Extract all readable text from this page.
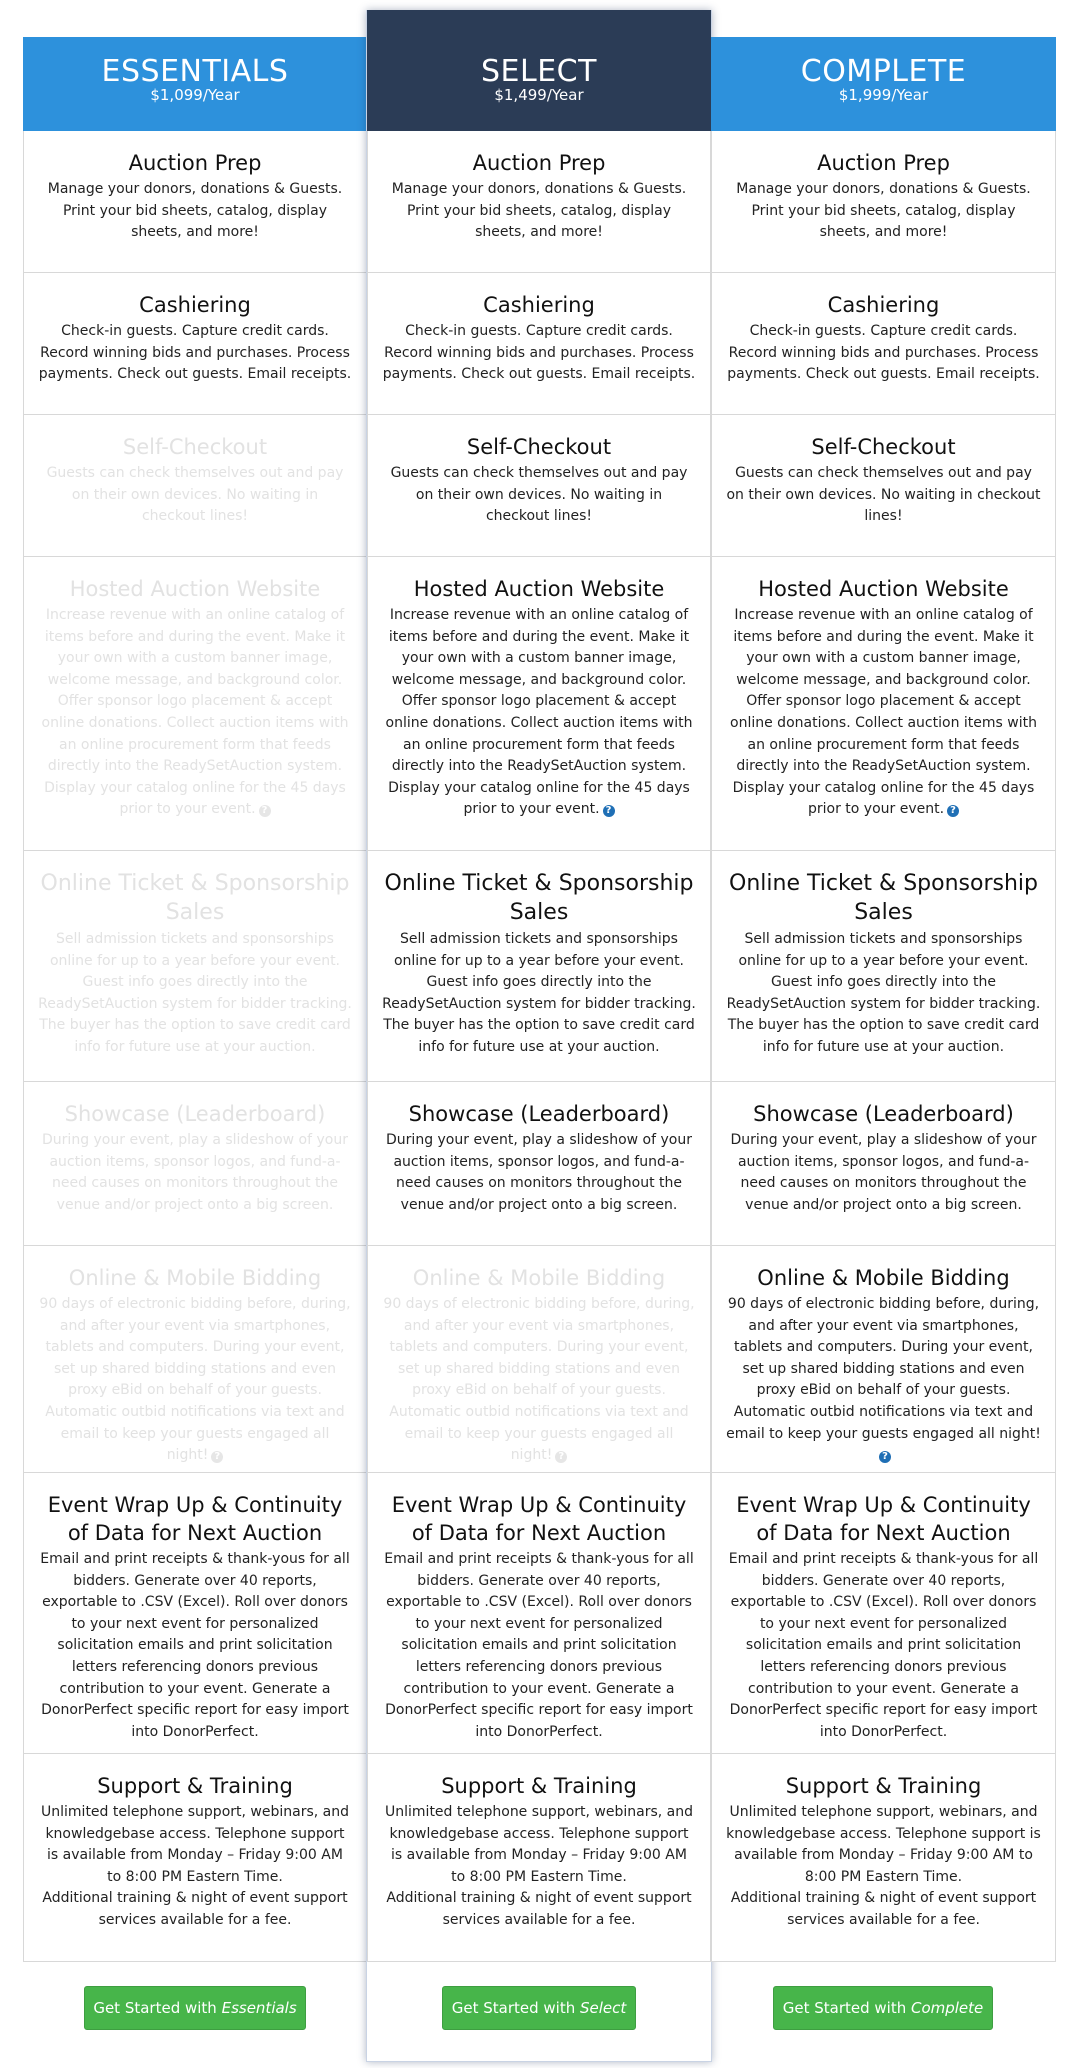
ESSENTIALS
$1,099/Year
Auction Prep
Manage your donors, donations & Guests. Print your bid sheets, catalog, display sheets, and more!
Cashiering
Check-in guests. Capture credit cards. Record winning bids and purchases. Process payments. Check out guests. Email receipts.
Self-Checkout
Guests can check themselves out and pay on their own devices. No waiting in checkout lines!
Hosted Auction Website
Increase revenue with an online catalog of items before and during the event. Make it your own with a custom banner image, welcome message, and background color. Offer sponsor logo placement & accept online donations. Collect auction items with an online procurement form that feeds directly into the ReadySetAuction system. Display your catalog online for the 45 days prior to your event. ?
Online Ticket & Sponsorship Sales
Sell admission tickets and sponsorships online for up to a year before your event. Guest info goes directly into the ReadySetAuction system for bidder tracking. The buyer has the option to save credit card info for future use at your auction.
Showcase (Leaderboard)
During your event, play a slideshow of your auction items, sponsor logos, and fund-a-need causes on monitors throughout the venue and/or project onto a big screen.
Online & Mobile Bidding
90 days of electronic bidding before, during, and after your event via smartphones, tablets and computers. During your event, set up shared bidding stations and even proxy eBid on behalf of your guests. Automatic outbid notifications via text and email to keep your guests engaged all night! ?
Event Wrap Up & Continuity of Data for Next Auction
Email and print receipts & thank-yous for all bidders. Generate over 40 reports, exportable to .CSV (Excel). Roll over donors to your next event for personalized solicitation emails and print solicitation letters referencing donors previous contribution to your event. Generate a DonorPerfect specific report for easy import into DonorPerfect.
Support & Training
Unlimited telephone support, webinars, and knowledgebase access. Telephone support is available from Monday – Friday 9:00 AM to 8:00 PM Eastern Time.
Additional training & night of event support services available for a fee.
Get Started with Essentials
SELECT
$1,499/Year
Auction Prep
Manage your donors, donations & Guests. Print your bid sheets, catalog, display sheets, and more!
Cashiering
Check-in guests. Capture credit cards. Record winning bids and purchases. Process payments. Check out guests. Email receipts.
Self-Checkout
Guests can check themselves out and pay on their own devices. No waiting in checkout lines!
Hosted Auction Website
Increase revenue with an online catalog of items before and during the event. Make it your own with a custom banner image, welcome message, and background color. Offer sponsor logo placement & accept online donations. Collect auction items with an online procurement form that feeds directly into the ReadySetAuction system. Display your catalog online for the 45 days prior to your event. ?
Online Ticket & Sponsorship Sales
Sell admission tickets and sponsorships online for up to a year before your event. Guest info goes directly into the ReadySetAuction system for bidder tracking. The buyer has the option to save credit card info for future use at your auction.
Showcase (Leaderboard)
During your event, play a slideshow of your auction items, sponsor logos, and fund-a-need causes on monitors throughout the venue and/or project onto a big screen.
Online & Mobile Bidding
90 days of electronic bidding before, during, and after your event via smartphones, tablets and computers. During your event, set up shared bidding stations and even proxy eBid on behalf of your guests. Automatic outbid notifications via text and email to keep your guests engaged all night! ?
Event Wrap Up & Continuity of Data for Next Auction
Email and print receipts & thank-yous for all bidders. Generate over 40 reports, exportable to .CSV (Excel). Roll over donors to your next event for personalized solicitation emails and print solicitation letters referencing donors previous contribution to your event. Generate a DonorPerfect specific report for easy import into DonorPerfect.
Support & Training
Unlimited telephone support, webinars, and knowledgebase access. Telephone support is available from Monday – Friday 9:00 AM to 8:00 PM Eastern Time.
Additional training & night of event support services available for a fee.
Get Started with Select
COMPLETE
$1,999/Year
Auction Prep
Manage your donors, donations & Guests. Print your bid sheets, catalog, display sheets, and more!
Cashiering
Check-in guests. Capture credit cards. Record winning bids and purchases. Process payments. Check out guests. Email receipts.
Self-Checkout
Guests can check themselves out and pay on their own devices. No waiting in checkout lines!
Hosted Auction Website
Increase revenue with an online catalog of items before and during the event. Make it your own with a custom banner image, welcome message, and background color. Offer sponsor logo placement & accept online donations. Collect auction items with an online procurement form that feeds directly into the ReadySetAuction system. Display your catalog online for the 45 days prior to your event. ?
Online Ticket & Sponsorship Sales
Sell admission tickets and sponsorships online for up to a year before your event. Guest info goes directly into the ReadySetAuction system for bidder tracking. The buyer has the option to save credit card info for future use at your auction.
Showcase (Leaderboard)
During your event, play a slideshow of your auction items, sponsor logos, and fund-a-need causes on monitors throughout the venue and/or project onto a big screen.
Online & Mobile Bidding
90 days of electronic bidding before, during, and after your event via smartphones, tablets and computers. During your event, set up shared bidding stations and even proxy eBid on behalf of your guests. Automatic outbid notifications via text and email to keep your guests engaged all night!?
Event Wrap Up & Continuity of Data for Next Auction
Email and print receipts & thank-yous for all bidders. Generate over 40 reports, exportable to .CSV (Excel). Roll over donors to your next event for personalized solicitation emails and print solicitation letters referencing donors previous contribution to your event. Generate a DonorPerfect specific report for easy import into DonorPerfect.
Support & Training
Unlimited telephone support, webinars, and knowledgebase access. Telephone support is available from Monday – Friday 9:00 AM to 8:00 PM Eastern Time.
Additional training & night of event support services available for a fee.
Get Started with Complete
